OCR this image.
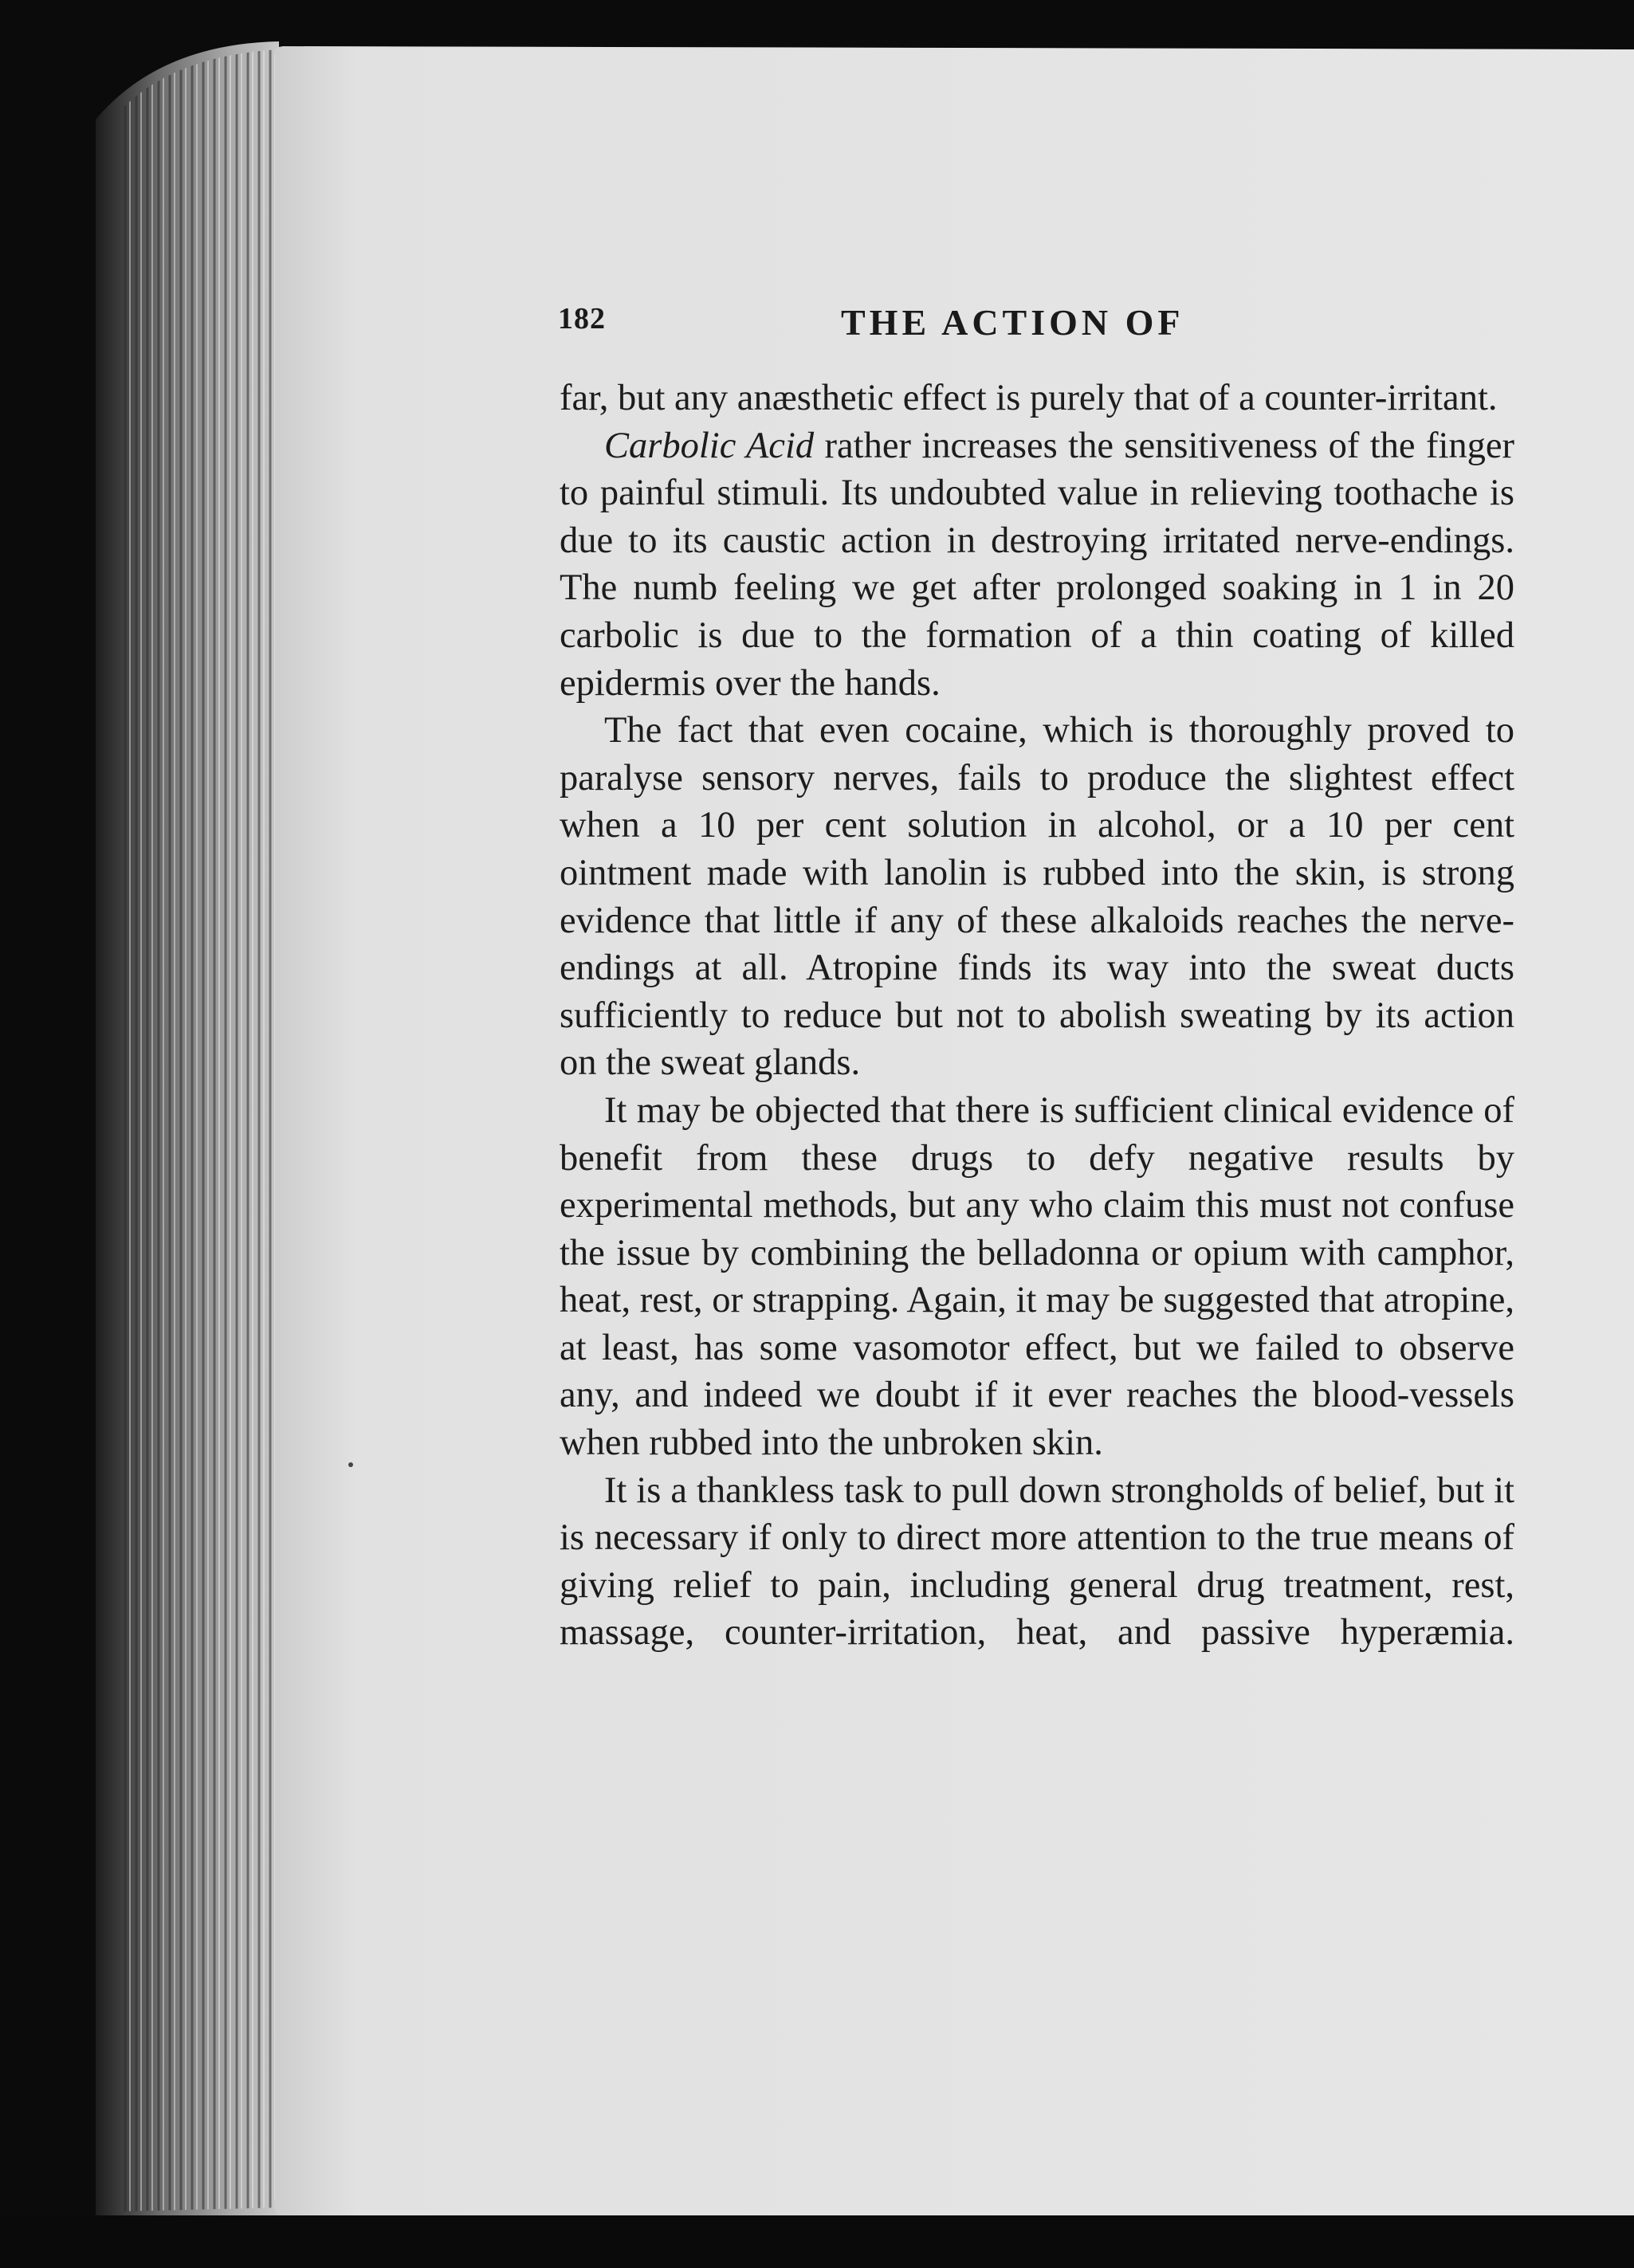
182	THE ACTION OF

far, but any anæsthetic effect is purely that of a counter-irritant.

Carbolic Acid rather increases the sensitiveness of the finger to painful stimuli. Its undoubted value in relieving toothache is due to its caustic action in destroying irritated nerve-endings. The numb feeling we get after prolonged soaking in 1 in 20 carbolic is due to the formation of a thin coating of killed epidermis over the hands.

The fact that even cocaine, which is thoroughly proved to paralyse sensory nerves, fails to produce the slightest effect when a 10 per cent solution in alcohol, or a 10 per cent ointment made with lanolin is rubbed into the skin, is strong evidence that little if any of these alkaloids reaches the nerve-endings at all. Atropine finds its way into the sweat ducts sufficiently to reduce but not to abolish sweating by its action on the sweat glands.

It may be objected that there is sufficient clinical evidence of benefit from these drugs to defy negative results by experimental methods, but any who claim this must not confuse the issue by combining the belladonna or opium with camphor, heat, rest, or strapping. Again, it may be suggested that atropine, at least, has some vasomotor effect, but we failed to observe any, and indeed we doubt if it ever reaches the blood-vessels when rubbed into the unbroken skin.

It is a thankless task to pull down strongholds of belief, but it is necessary if only to direct more attention to the true means of giving relief to pain, including general drug treatment, rest, massage, counter-irritation, heat, and passive hyperæmia.
